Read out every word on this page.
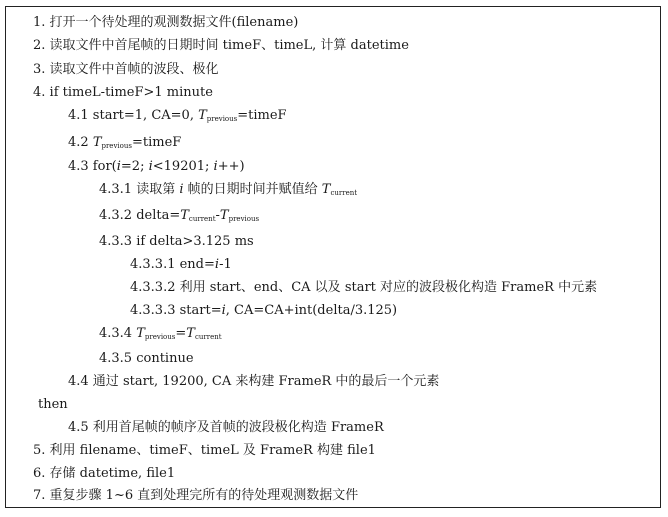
1. 打开一个待处理的观测数据文件(filename)
2. 读取文件中首尾帧的日期时间 timeF、timeL, 计算 datetime
3. 读取文件中首帧的波段、极化
4. if timeL-timeF>1 minute
4.1 start=1, CA=0, $T_{previous}=timeF$
4.2 $T_{previous}=timeF$
4.3 for(i=2; i<19201; i++)
4.3.1 读取第 i 帧的日期时间并赋值给 $T_{current}$
4.3.2 $delta=T_{current}-T_{previous}$
4.3.3 if delta>3.125 ms
4.3.3.1 end=i-1
4.3.3.2 利用 start、end、CA 以及 start 对应的波段极化构造 FrameR 中元素
4.3.3.3 start=i, CA=CA+int(delta/3.125)
4.3.4 $T_{previous}=T_{current}$
4.3.5 continue
4.4 通过 start, 19200, CA 来构建 FrameR 中的最后一个元素
then
4.5 利用首尾帧的帧序及首帧的波段极化构造 FrameR
5. 利用 filename、timeF、timeL 及 FrameR 构建 file1
6. 存储 datetime, file1
7. 重复步骤 1~6 直到处理完所有的待处理观测数据文件
